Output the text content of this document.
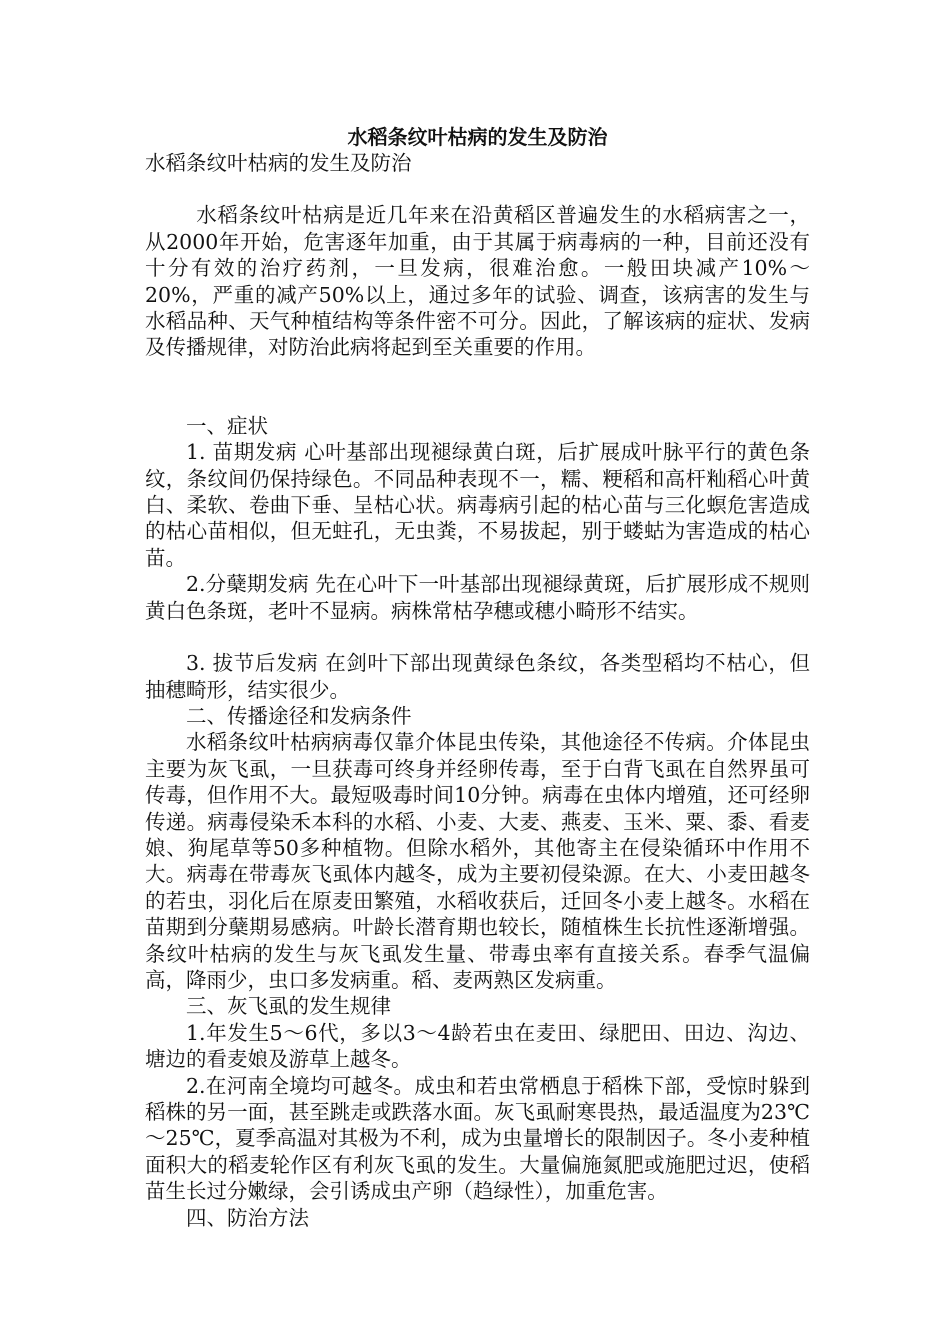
水稻条纹叶枯病的发生及防治

水稻条纹叶枯病的发生及防治

水稻条纹叶枯病是近几年来在沿黄稻区普遍发生的水稻病害之一，从2000年开始，危害逐年加重，由于其属于病毒病的一种，目前还没有十分有效的治疗药剂，一旦发病，很难治愈。一般田块减产10%～20%，严重的减产50%以上，通过多年的试验、调查，该病害的发生与水稻品种、天气种植结构等条件密不可分。因此，了解该病的症状、发病及传播规律，对防治此病将起到至关重要的作用。

一、症状

1. 苗期发病 心叶基部出现褪绿黄白斑，后扩展成叶脉平行的黄色条纹，条纹间仍保持绿色。不同品种表现不一，糯、粳稻和高杆籼稻心叶黄白、柔软、卷曲下垂、呈枯心状。病毒病引起的枯心苗与三化螟危害造成的枯心苗相似，但无蛀孔，无虫粪，不易拔起，别于蝼蛄为害造成的枯心苗。

2.分蘖期发病 先在心叶下一叶基部出现褪绿黄斑，后扩展形成不规则黄白色条斑，老叶不显病。病株常枯孕穗或穗小畸形不结实。

3. 拔节后发病 在剑叶下部出现黄绿色条纹，各类型稻均不枯心，但抽穗畸形，结实很少。

二、传播途径和发病条件

水稻条纹叶枯病病毒仅靠介体昆虫传染，其他途径不传病。介体昆虫主要为灰飞虱，一旦获毒可终身并经卵传毒，至于白背飞虱在自然界虽可传毒，但作用不大。最短吸毒时间10分钟。病毒在虫体内增殖，还可经卵传递。病毒侵染禾本科的水稻、小麦、大麦、燕麦、玉米、粟、黍、看麦娘、狗尾草等50多种植物。但除水稻外，其他寄主在侵染循环中作用不大。病毒在带毒灰飞虱体内越冬，成为主要初侵染源。在大、小麦田越冬的若虫，羽化后在原麦田繁殖，水稻收获后，迁回冬小麦上越冬。水稻在苗期到分蘖期易感病。叶龄长潜育期也较长，随植株生长抗性逐渐增强。条纹叶枯病的发生与灰飞虱发生量、带毒虫率有直接关系。春季气温偏高，降雨少，虫口多发病重。稻、麦两熟区发病重。

三、灰飞虱的发生规律

1.年发生5～6代，多以3～4龄若虫在麦田、绿肥田、田边、沟边、塘边的看麦娘及游草上越冬。

2.在河南全境均可越冬。成虫和若虫常栖息于稻株下部，受惊时躲到稻株的另一面，甚至跳走或跌落水面。灰飞虱耐寒畏热，最适温度为23℃～25℃，夏季高温对其极为不利，成为虫量增长的限制因子。冬小麦种植面积大的稻麦轮作区有利灰飞虱的发生。大量偏施氮肥或施肥过迟，使稻苗生长过分嫩绿，会引诱成虫产卵（趋绿性），加重危害。

四、防治方法
